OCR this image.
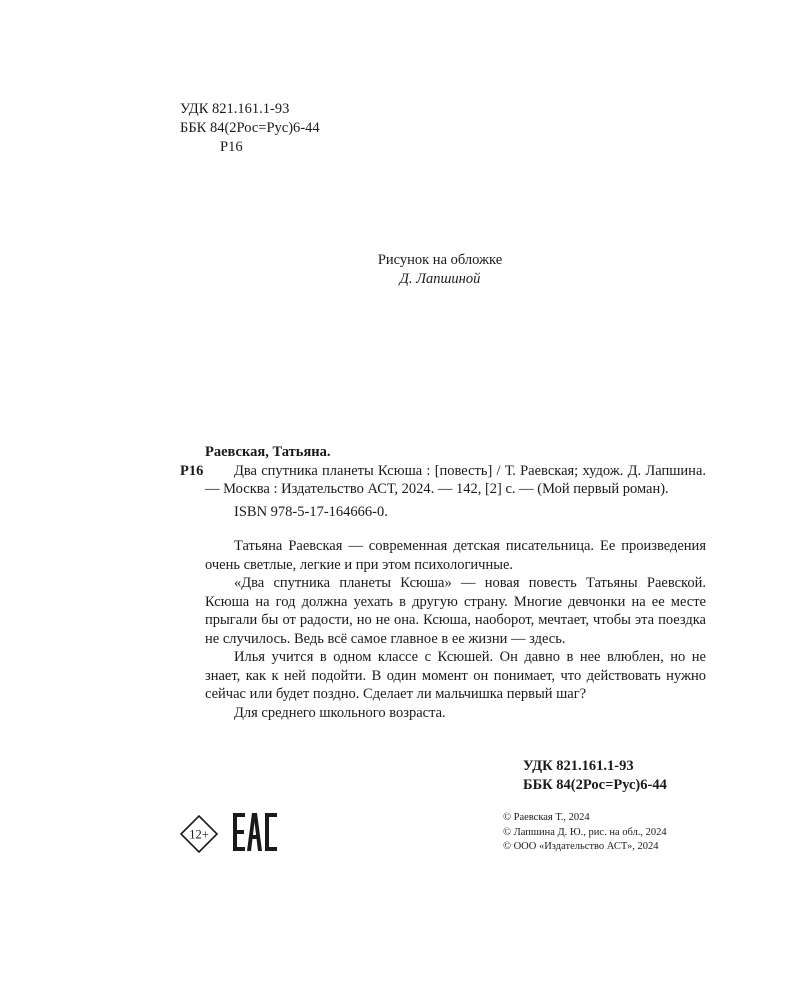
УДК 821.161.1-93
ББК 84(2Рос=Рус)6-44
Р16
Рисунок на обложке
Д. Лапшиной
Раевская, Татьяна.
Р16	Два спутника планеты Ксюша : [повесть] / Т. Раевская; худож. Д. Лапшина. — Москва : Издательство АСТ, 2024. — 142, [2] с. — (Мой первый роман).
ISBN 978-5-17-164666-0.

Татьяна Раевская — современная детская писательница. Ее произведения очень светлые, легкие и при этом психологичные.

«Два спутника планеты Ксюша» — новая повесть Татьяны Раевской. Ксюша на год должна уехать в другую страну. Многие девчонки на ее месте прыгали бы от радости, но не она. Ксюша, наоборот, мечтает, чтобы эта поездка не случилось. Ведь всё самое главное в ее жизни — здесь.

Илья учится в одном классе с Ксюшей. Он давно в нее влюблен, но не знает, как к ней подойти. В один момент он понимает, что действовать нужно сейчас или будет поздно. Сделает ли мальчишка первый шаг?

Для среднего школьного возраста.

УДК 821.161.1-93
ББК 84(2Рос=Рус)6-44
12+
© Раевская Т., 2024
© Лапшина Д. Ю., рис. на обл., 2024
© ООО «Издательство АСТ», 2024
